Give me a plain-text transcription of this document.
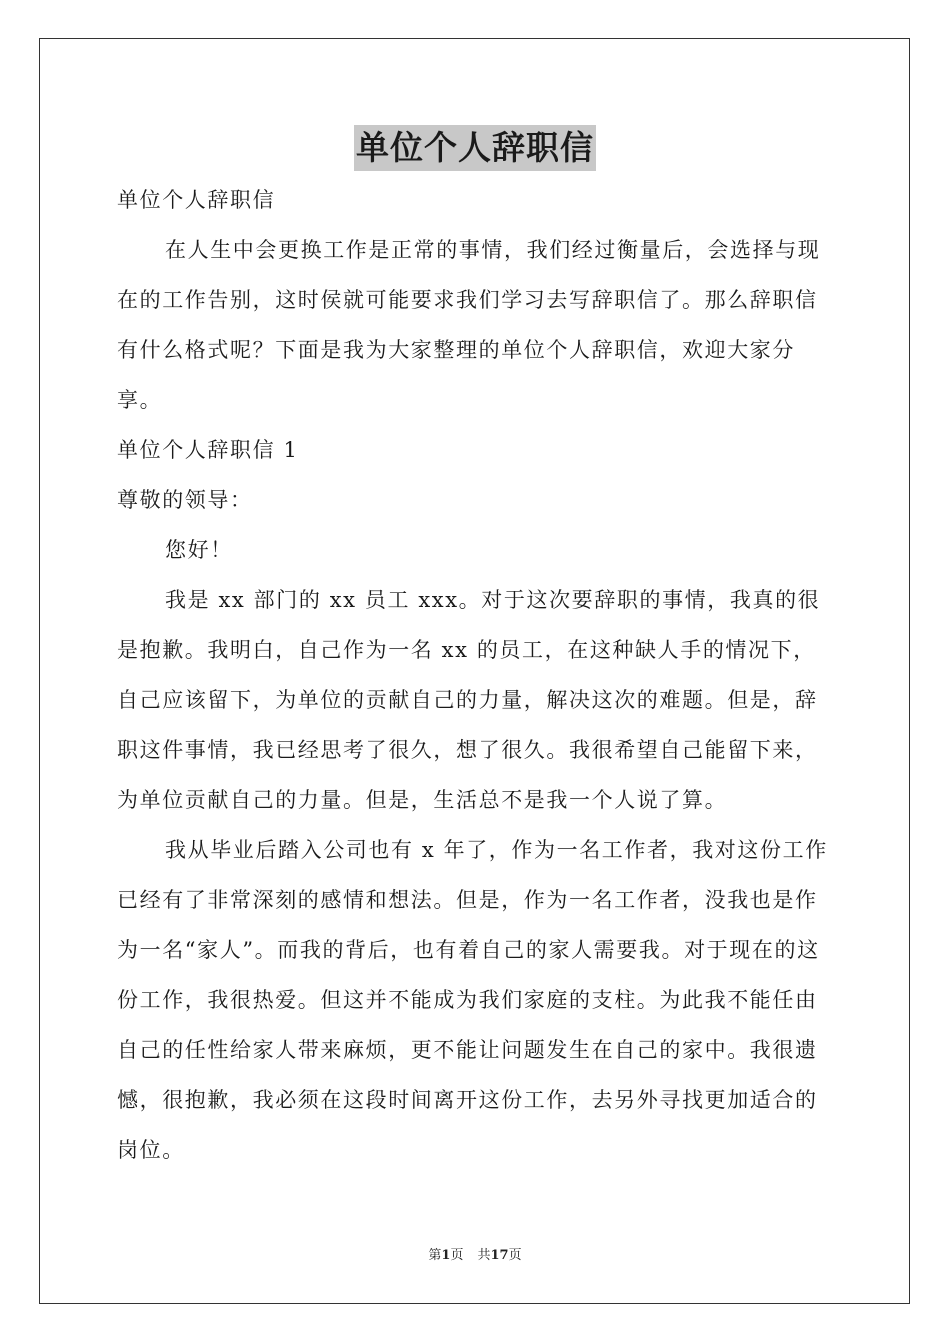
单位个人辞职信

单位个人辞职信

在人生中会更换工作是正常的事情，我们经过衡量后，会选择与现在的工作告别，这时侯就可能要求我们学习去写辞职信了。那么辞职信有什么格式呢？下面是我为大家整理的单位个人辞职信，欢迎大家分享。

单位个人辞职信 1

尊敬的领导：

您好！

我是 xx 部门的 xx 员工 xxx。对于这次要辞职的事情，我真的很是抱歉。我明白，自己作为一名 xx 的员工，在这种缺人手的情况下，自己应该留下，为单位的贡献自己的力量，解决这次的难题。但是，辞职这件事情，我已经思考了很久，想了很久。我很希望自己能留下来，为单位贡献自己的力量。但是，生活总不是我一个人说了算。

我从毕业后踏入公司也有 x 年了，作为一名工作者，我对这份工作已经有了非常深刻的感情和想法。但是，作为一名工作者，没我也是作为一名“家人”。而我的背后，也有着自己的家人需要我。对于现在的这份工作，我很热爱。但这并不能成为我们家庭的支柱。为此我不能任由自己的任性给家人带来麻烦，更不能让问题发生在自己的家中。我很遗憾，很抱歉，我必须在这段时间离开这份工作，去另外寻找更加适合的岗位。

第1页 共17页
